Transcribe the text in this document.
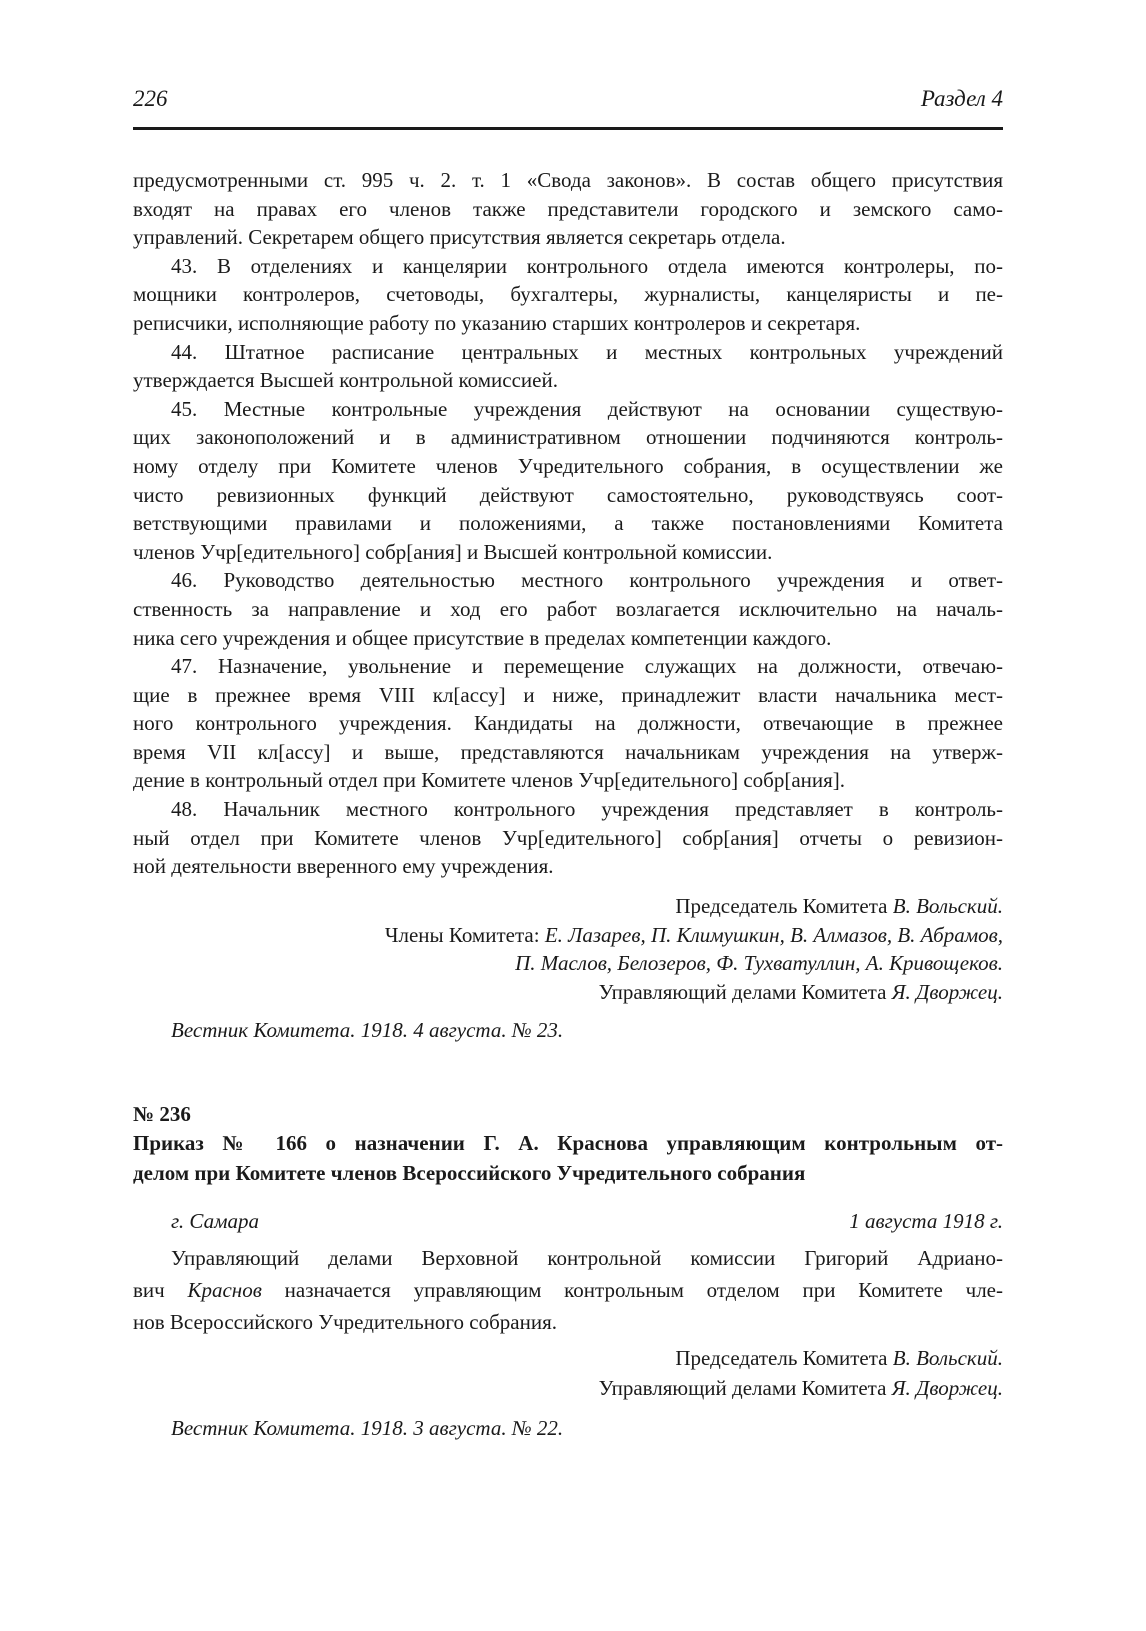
226	Раздел 4
предусмотренными ст. 995 ч. 2. т. 1 «Свода законов». В состав общего присутствия
входят на правах его членов также представители городского и земского само-
управлений. Секретарем общего присутствия является секретарь отдела.
43. В отделениях и канцелярии контрольного отдела имеются контролеры, по-
мощники контролеров, счетоводы, бухгалтеры, журналисты, канцеляристы и пе-
реписчики, исполняющие работу по указанию старших контролеров и секретаря.
44. Штатное расписание центральных и местных контрольных учреждений
утверждается Высшей контрольной комиссией.
45. Местные контрольные учреждения действуют на основании существую-
щих законоположений и в административном отношении подчиняются контроль-
ному отделу при Комитете членов Учредительного собрания, в осуществлении же
чисто ревизионных функций действуют самостоятельно, руководствуясь соот-
ветствующими правилами и положениями, а также постановлениями Комитета
членов Учр[едительного] собр[ания] и Высшей контрольной комиссии.
46. Руководство деятельностью местного контрольного учреждения и ответ-
ственность за направление и ход его работ возлагается исключительно на началь-
ника сего учреждения и общее присутствие в пределах компетенции каждого.
47. Назначение, увольнение и перемещение служащих на должности, отвечаю-
щие в прежнее время VIII кл[ассу] и ниже, принадлежит власти начальника мест-
ного контрольного учреждения. Кандидаты на должности, отвечающие в прежнее
время VII кл[ассу] и выше, представляются начальникам учреждения на утверж-
дение в контрольный отдел при Комитете членов Учр[едительного] собр[ания].
48. Начальник местного контрольного учреждения представляет в контроль-
ный отдел при Комитете членов Учр[едительного] собр[ания] отчеты о ревизион-
ной деятельности вверенного ему учреждения.
Председатель Комитета В. Вольский.
Члены Комитета: Е. Лазарев, П. Климушкин, В. Алмазов, В. Абрамов,
П. Маслов, Белозеров, Ф. Тухватуллин, А. Кривощеков.
Управляющий делами Комитета Я. Дворжец.
Вестник Комитета. 1918. 4 августа. № 23.
№ 236
Приказ № 166 о назначении Г. А. Краснова управляющим контрольным от-
делом при Комитете членов Всероссийского Учредительного собрания
г. Самара	1 августа 1918 г.
Управляющий делами Верховной контрольной комиссии Григорий Адриано-
вич Краснов назначается управляющим контрольным отделом при Комитете чле-
нов Всероссийского Учредительного собрания.
Председатель Комитета В. Вольский.
Управляющий делами Комитета Я. Дворжец.
Вестник Комитета. 1918. 3 августа. № 22.
